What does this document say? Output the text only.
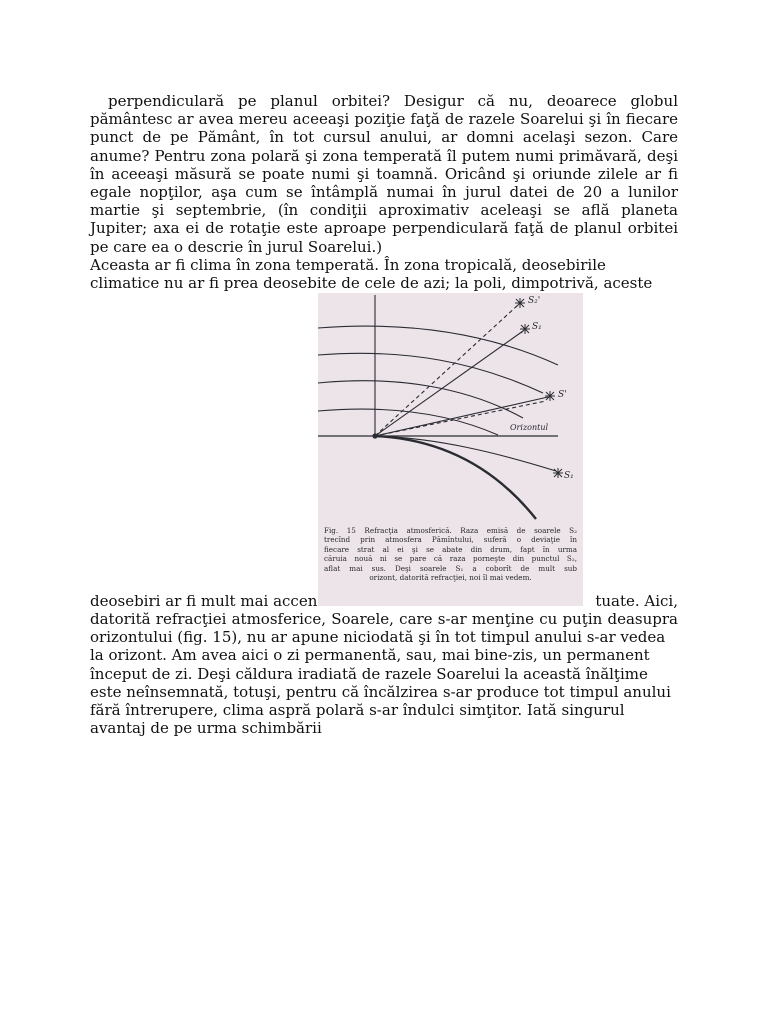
perpendiculară pe planul orbitei? Desigur că nu, deoarece globul
pământesc ar avea mereu aceeaşi poziţie faţă de razele Soarelui şi în fiecare
punct de pe Pământ, în tot cursul anului, ar domni acelaşi sezon. Care
anume? Pentru zona polară şi zona temperată îl putem numi primăvară, deşi
în aceeaşi măsură se poate numi şi toamnă. Oricând şi oriunde zilele ar fi
egale nopţilor, aşa cum se întâmplă numai în jurul datei de 20 a lunilor
martie şi septembrie, (în condiţii aproximativ aceleaşi se află planeta
Jupiter; axa ei de rotaţie este aproape perpendiculară faţă de planul orbitei
pe care ea o descrie în jurul Soarelui.)
Aceasta ar fi clima în zona temperată. În zona tropicală, deosebirile
climatice nu ar fi prea deosebite de cele de azi; la poli, dimpotrivă, aceste
S₂'
S₁
S'
Orizontul
S₁
Fig. 15 Refracţia atmosferică. Raza emisă de soarele S₂
trecînd prin atmosfera Pămîntului, suferă o deviaţie în
fiecare strat al ei şi se abate din drum, fapt în urma
căruia nouă ni se pare că raza porneşte din punctul S₂,
aflat mai sus. Deşi soarele S₁ a coborît de mult sub
orizont, datorită refracţiei, noi îl mai vedem.
deosebiri ar fi mult mai accen	tuate. Aici,
datorită refracţiei atmosferice, Soarele, care s-ar menţine cu puţin deasupra
orizontului (fig. 15), nu ar apune niciodată şi în tot timpul anului s-ar vedea
la orizont. Am avea aici o zi permanentă, sau, mai bine-zis, un permanent
început de zi. Deşi căldura iradiată de razele Soarelui la această înălţime
este neînsemnată, totuşi, pentru că încălzirea s-ar produce tot timpul anului
fără întrerupere, clima aspră polară s-ar îndulci simţitor. Iată singurul
avantaj de pe urma schimbării
